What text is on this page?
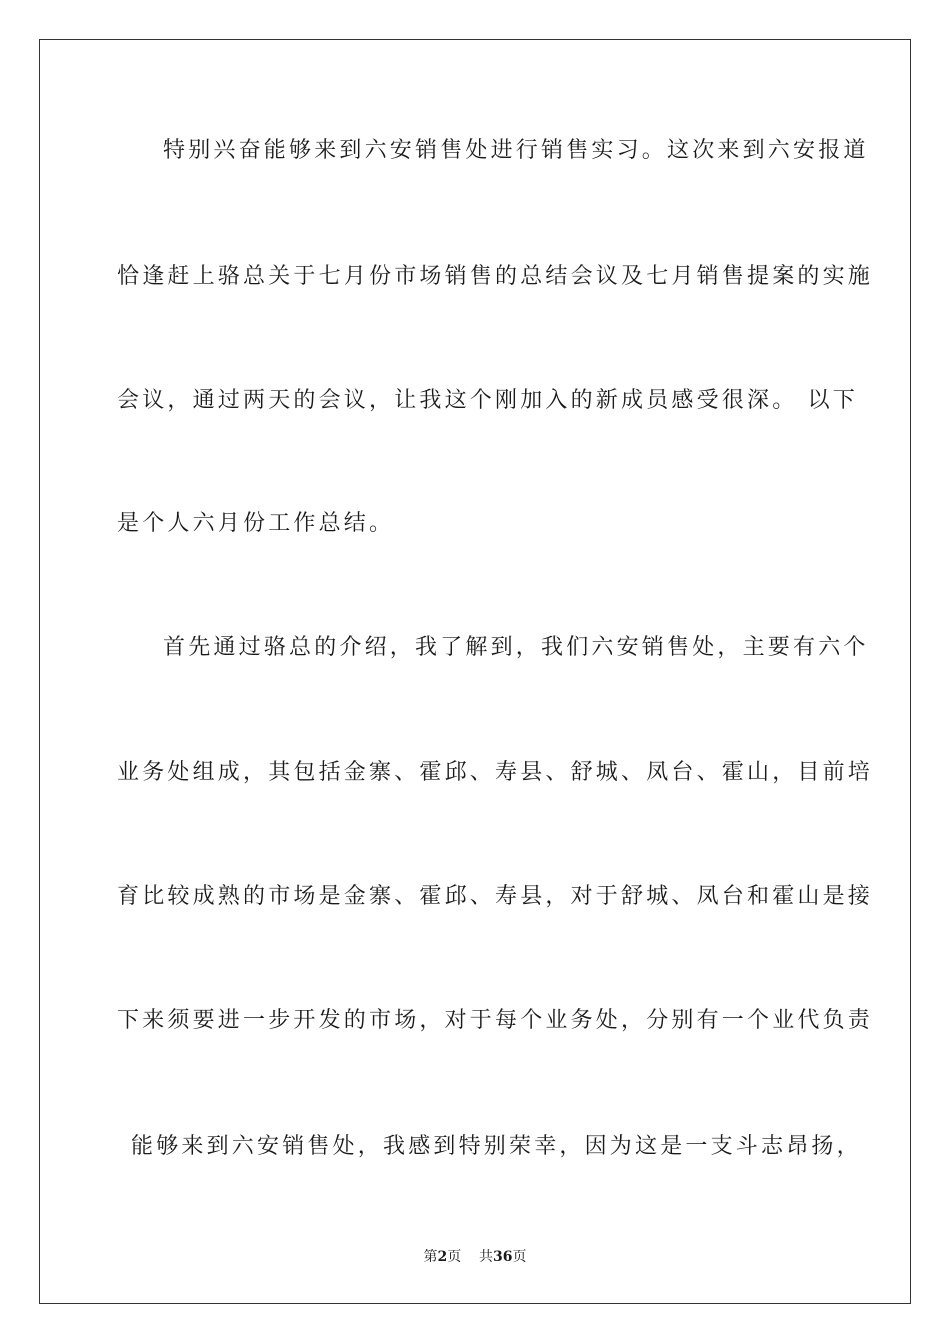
特别兴奋能够来到六安销售处进行销售实习。这次来到六安报道
恰逢赶上骆总关于七月份市场销售的总结会议及七月销售提案的实施
会议，通过两天的会议，让我这个刚加入的新成员感受很深。 以下
是个人六月份工作总结。
首先通过骆总的介绍，我了解到，我们六安销售处，主要有六个
业务处组成，其包括金寨、霍邱、寿县、舒城、凤台、霍山，目前培
育比较成熟的市场是金寨、霍邱、寿县，对于舒城、凤台和霍山是接
下来须要进一步开发的市场，对于每个业务处，分别有一个业代负责
能够来到六安销售处，我感到特别荣幸，因为这是一支斗志昂扬，
第2页 共36页
